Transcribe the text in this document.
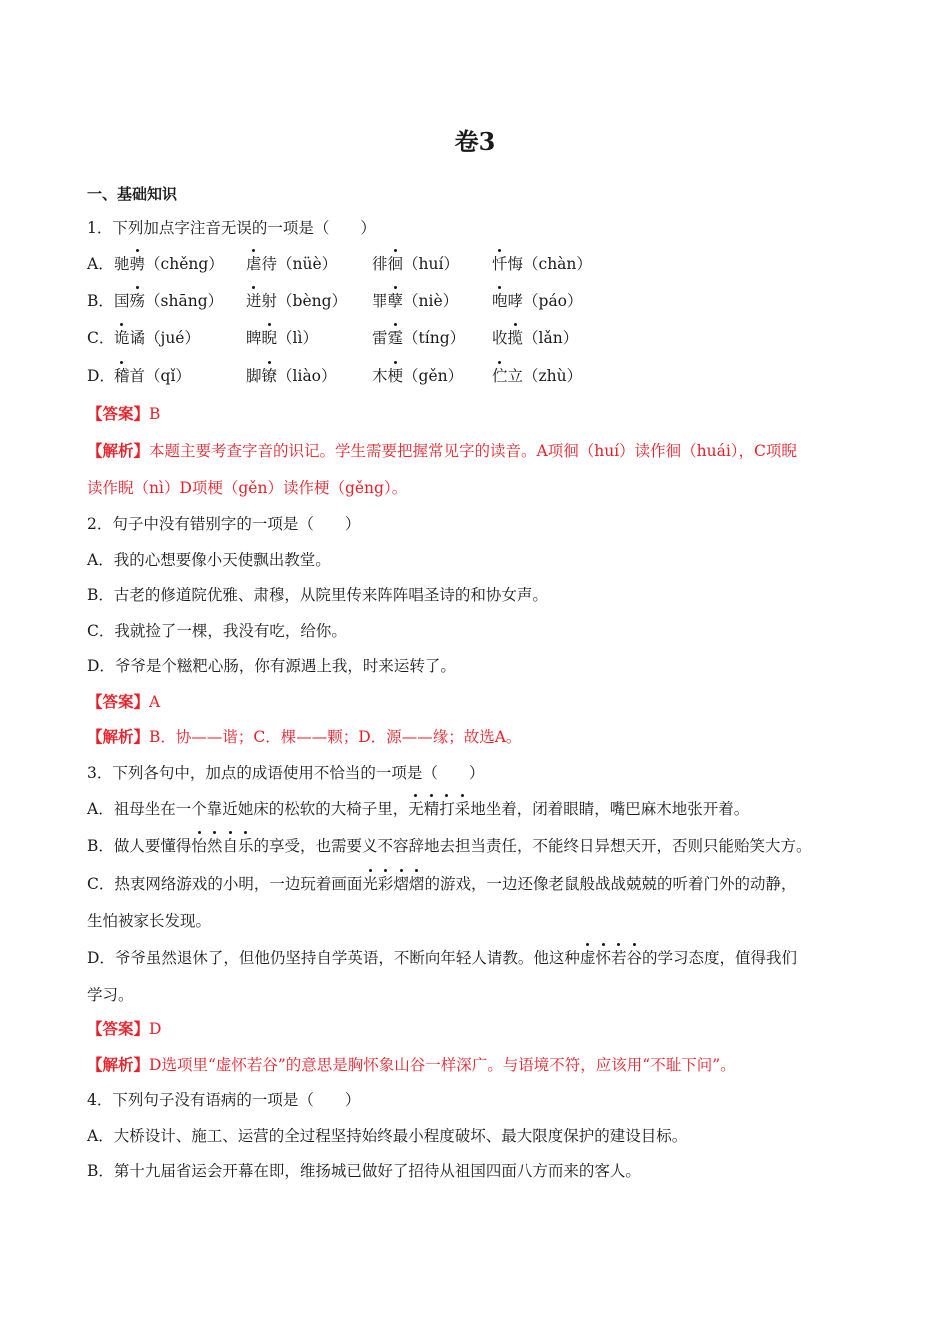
卷3
一、基础知识
1．下列加点字注音无误的一项是（　　）
A． 驰骋（chěng） 虐待（nüè） 徘徊（huí） 忏悔（chàn）
B． 国殇（shāng） 迸射（bèng） 罪孽（niè） 咆哮（páo）
C． 诡谲（jué）	睥睨（lì）	雷霆（tíng） 收揽（lǎn）
D． 稽首（qǐ）	脚镣（liào） 木梗（gěn） 伫立（zhù）
【答案】B
【解析】本题主要考查字音的识记。学生需要把握常见字的读音。A项徊（huí）读作徊（huái），C项睨
读作睨（nì）D项梗（gěn）读作梗（gěng）。
2．句子中没有错别字的一项是（　　）
A．我的心想要像小天使飘出教堂。
B．古老的修道院优雅、肃穆，从院里传来阵阵唱圣诗的和协女声。
C．我就捡了一棵，我没有吃，给你。
D．爷爷是个糍粑心肠，你有源遇上我，时来运转了。
【答案】A
【解析】B．协——谐；C．棵——颗；D．源——缘；故选A。
3．下列各句中，加点的成语使用不恰当的一项是（　　）
A．祖母坐在一个靠近她床的松软的大椅子里，无精打采地坐着，闭着眼睛，嘴巴麻木地张开着。
B．做人要懂得怡然自乐的享受，也需要义不容辞地去担当责任，不能终日异想天开，否则只能贻笑大方。
C．热衷网络游戏的小明，一边玩着画面光彩熠熠的游戏，一边还像老鼠般战战兢兢的听着门外的动静，
生怕被家长发现。
D．爷爷虽然退休了，但他仍坚持自学英语，不断向年轻人请教。他这种虚怀若谷的学习态度，值得我们
学习。
【答案】D
【解析】D选项里“虚怀若谷”的意思是胸怀象山谷一样深广。与语境不符，应该用“不耻下问”。
4．下列句子没有语病的一项是（　　）
A．大桥设计、施工、运营的全过程坚持始终最小程度破坏、最大限度保护的建设目标。
B．第十九届省运会开幕在即，维扬城已做好了招待从祖国四面八方而来的客人。
